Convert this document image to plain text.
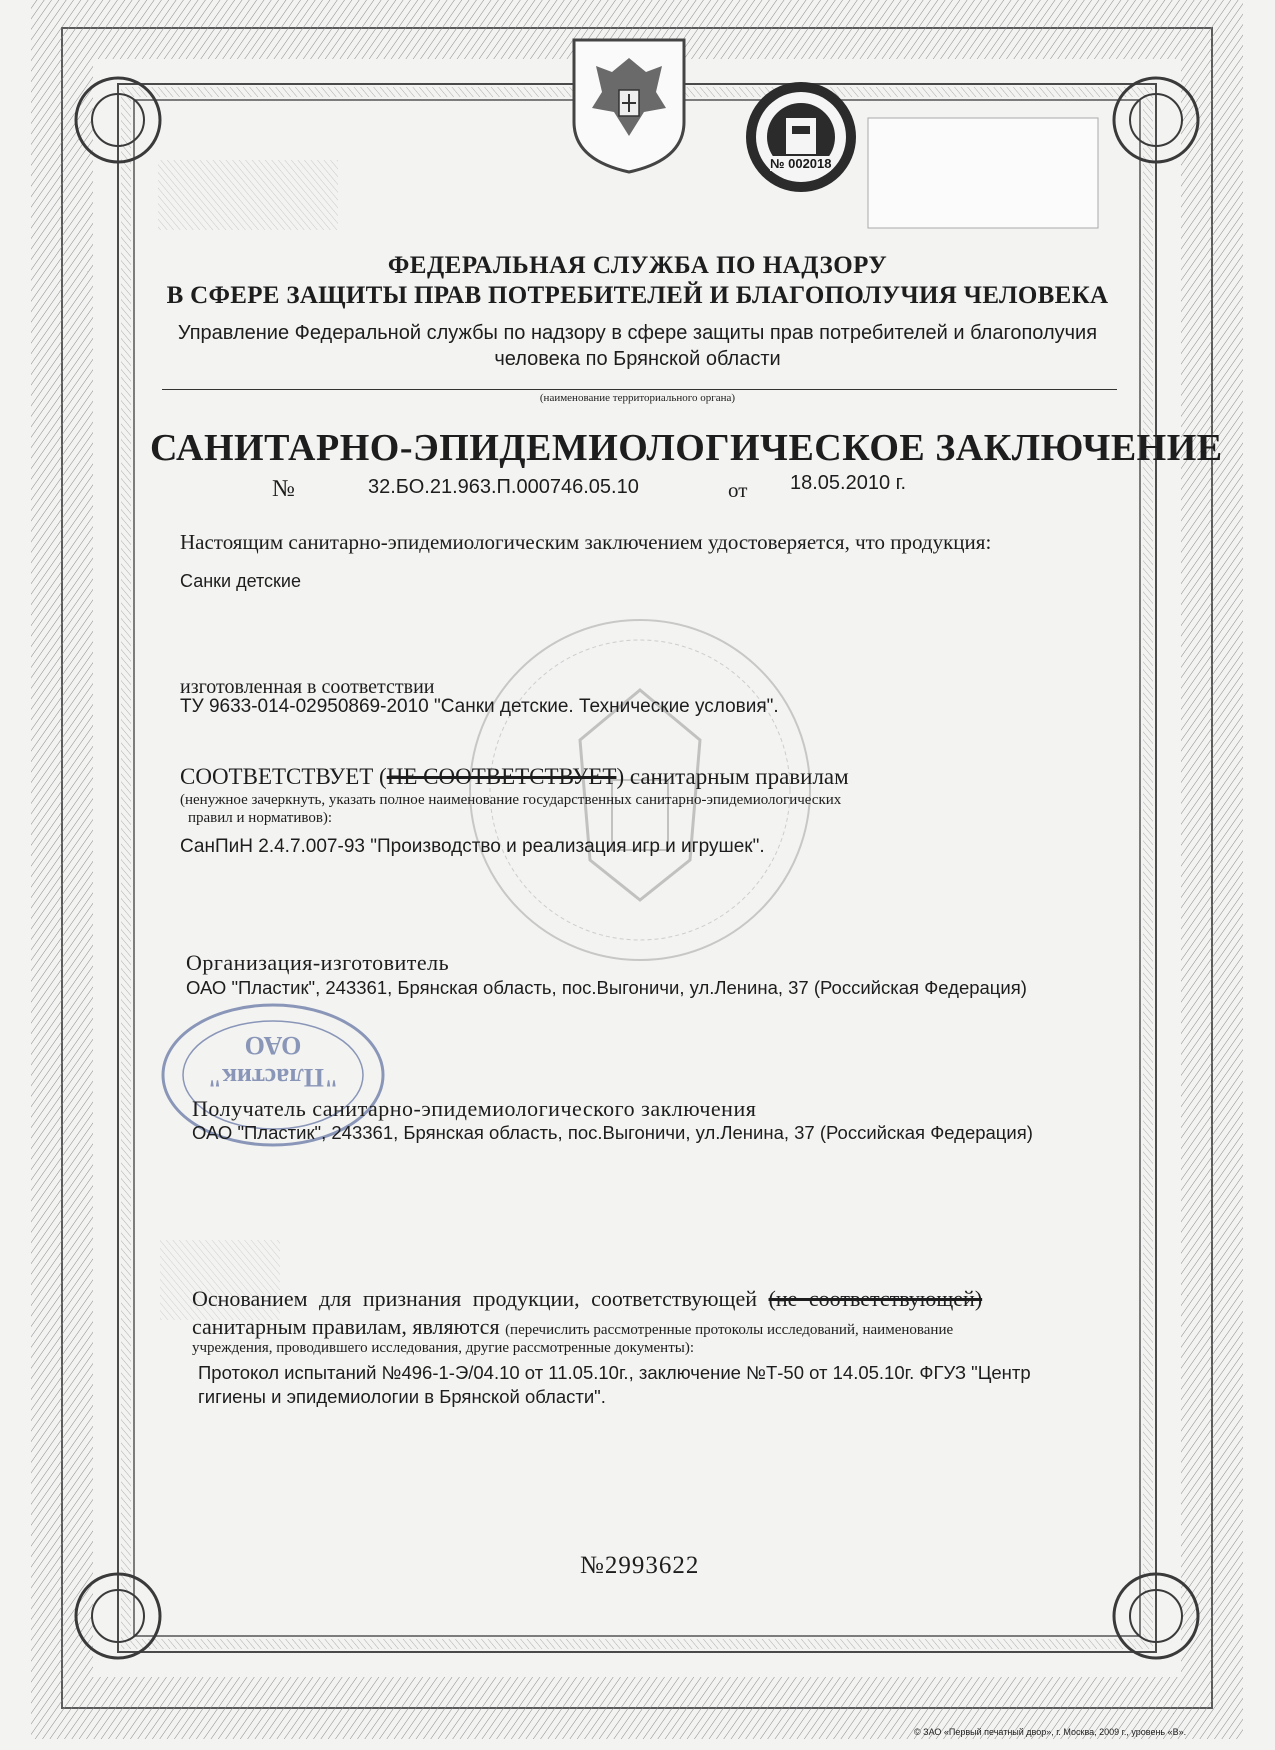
№ 002018

ФЕДЕРАЛЬНАЯ СЛУЖБА ПО НАДЗОРУ

В СФЕРЕ ЗАЩИТЫ ПРАВ ПОТРЕБИТЕЛЕЙ И БЛАГОПОЛУЧИЯ ЧЕЛОВЕКА

Управление Федеральной службы по надзору в сфере защиты прав потребителей и благополучия

человека по Брянской области

(наименование территориального органа)

САНИТАРНО-ЭПИДЕМИОЛОГИЧЕСКОЕ ЗАКЛЮЧЕНИЕ

№	32.БО.21.963.П.000746.05.10	от 18.05.2010 г.

Настоящим санитарно-эпидемиологическим заключением удостоверяется, что продукция:

Санки детские

изготовленная в соответствии

ТУ 9633-014-02950869-2010 "Санки детские. Технические условия".

СООТВЕТСТВУЕТ (НЕ СООТВЕТСТВУЕТ) санитарным правилам

(ненужное зачеркнуть, указать полное наименование государственных санитарно-эпидемиологических

правил и нормативов):

СанПиН 2.4.7.007-93 "Производство и реализация игр и игрушек".

Организация-изготовитель

ОАО "Пластик", 243361, Брянская область, пос.Выгоничи, ул.Ленина, 37 (Российская Федерация)

ОАО

"Пластик"

Получатель санитарно-эпидемиологического заключения

ОАО "Пластик", 243361, Брянская область, пос.Выгоничи, ул.Ленина, 37 (Российская Федерация)

Основанием для признания продукции, соответствующей (не соответствующей)

санитарным правилам, являются (перечислить рассмотренные протоколы исследований, наименование

учреждения, проводившего исследования, другие рассмотренные документы):

Протокол испытаний №496-1-Э/04.10 от 11.05.10г., заключение №Т-50 от 14.05.10г. ФГУЗ "Центр

гигиены и эпидемиологии в Брянской области".

№2993622

© ЗАО «Первый печатный двор», г. Москва, 2009 г., уровень «В».
